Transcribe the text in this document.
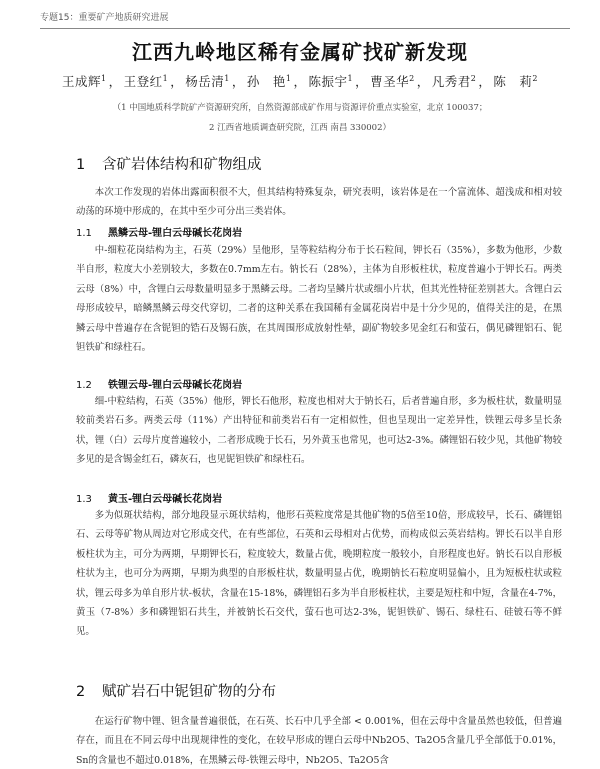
专题15：重要矿产地质研究进展
江西九岭地区稀有金属矿找矿新发现
王成辉$^1$ ， 王登红$^1$ ， 杨岳清$^1$ ， 孙　艳$^1$ ， 陈振宇$^1$ ， 曹圣华$^2$ ， 凡秀君$^2$ ， 陈　莉$^2$
（1 中国地质科学院矿产资源研究所，自然资源部成矿作用与资源评价重点实验室，北京 100037；
2 江西省地质调查研究院，江西 南昌 330002）
1 含矿岩体结构和矿物组成

本次工作发现的岩体出露面积很不大，但其结构特殊复杂，研究表明，该岩体是在一个富流体、超浅成和相对较动荡的环境中形成的，在其中至少可分出三类岩体。

1.1 黑鳞云母-锂白云母碱长花岗岩

中-细粒花岗结构为主，石英（29%）呈他形，呈等粒结构分布于长石粒间，钾长石（35%），多数为他形，少数半自形，粒度大小差别较大，多数在0.7mm左右。钠长石（28%），主体为自形板柱状，粒度普遍小于钾长石。两类云母（8%）中，含锂白云母数量明显多于黑鳞云母。二者均呈鳞片状或细小片状，但其光性特征差别甚大。含锂白云母形成较早，暗鳞黑鳞云母交代穿切，二者的这种关系在我国稀有金属花岗岩中是十分少见的，值得关注的是，在黑鳞云母中普遍存在含铌钽的锆石及锡石族，在其周围形成放射性晕，副矿物较多见金红石和萤石，偶见磷锂铝石、铌钽铁矿和绿柱石。

1.2 铁锂云母-锂白云母碱长花岗岩

细-中粒结构，石英（35%）他形，钾长石他形，粒度也相对大于钠长石，后者普遍自形，多为板柱状，数量明显较前类岩石多。两类云母（11%）产出特征和前类岩石有一定相似性，但也呈现出一定差异性，铁锂云母多呈长条状，锂（白）云母片度普遍较小，二者形成晚于长石，另外黄玉也常见，也可达2-3%。磷锂铝石较少见，其他矿物较多见的是含锡金红石，磷灰石，也见铌钽铁矿和绿柱石。

1.3 黄玉-锂白云母碱长花岗岩

多为似斑状结构，部分地段显示斑状结构，他形石英粒度常是其他矿物的5倍至10倍，形成较早，长石、磷锂铝石、云母等矿物从周边对它形成交代，在有些部位，石英和云母相对占优势，而构成似云英岩结构。钾长石以半自形板柱状为主，可分为两期，早期钾长石，粒度较大，数量占优，晚期粒度一般较小，自形程度也好。钠长石以自形板柱状为主，也可分为两期，早期为典型的自形板柱状，数量明显占优，晚期钠长石粒度明显偏小，且为短板柱状或粒状，锂云母多为单自形片状-板状，含量在15-18%，磷锂铝石多为半自形板柱状，主要是短柱和中短，含量在4-7%，黄玉（7-8%）多和磷锂铝石共生，并被钠长石交代，萤石也可达2-3%，铌钽铁矿、锡石、绿柱石、硅铍石等不鲜见。

2 赋矿岩石中铌钽矿物的分布

在运行矿物中锂、钽含量普遍很低，在石英、长石中几乎全部 < 0.001%，但在云母中含量虽然也较低，但普遍存在，而且在不同云母中出现规律性的变化，在较早形成的锂白云母中Nb2O5、Ta2O5含量几乎全部低于0.01%，Sn的含量也不超过0.018%，在黑鳞云母-铁锂云母中，Nb2O5、Ta2O5含
